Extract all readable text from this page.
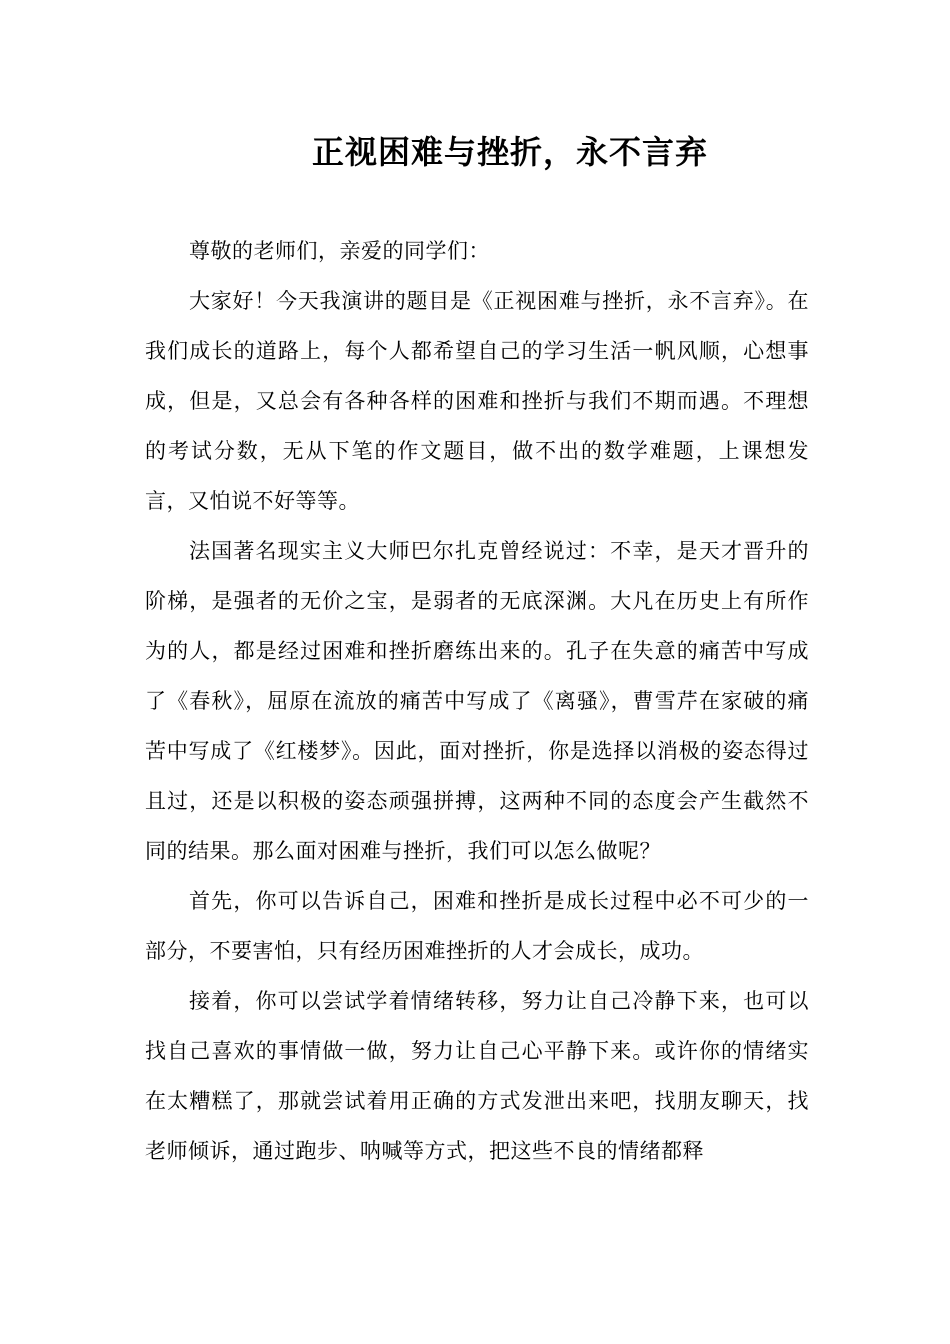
正视困难与挫折，永不言弃

尊敬的老师们，亲爱的同学们：

大家好！今天我演讲的题目是《正视困难与挫折，永不言弃》。在我们成长的道路上，每个人都希望自己的学习生活一帆风顺，心想事成，但是，又总会有各种各样的困难和挫折与我们不期而遇。不理想的考试分数，无从下笔的作文题目，做不出的数学难题，上课想发言，又怕说不好等等。

法国著名现实主义大师巴尔扎克曾经说过：不幸，是天才晋升的阶梯，是强者的无价之宝，是弱者的无底深渊。大凡在历史上有所作为的人，都是经过困难和挫折磨练出来的。孔子在失意的痛苦中写成了《春秋》，屈原在流放的痛苦中写成了《离骚》，曹雪芹在家破的痛苦中写成了《红楼梦》。因此，面对挫折，你是选择以消极的姿态得过且过，还是以积极的姿态顽强拼搏，这两种不同的态度会产生截然不同的结果。那么面对困难与挫折，我们可以怎么做呢？

首先，你可以告诉自己，困难和挫折是成长过程中必不可少的一部分，不要害怕，只有经历困难挫折的人才会成长，成功。

接着，你可以尝试学着情绪转移，努力让自己冷静下来，也可以找自己喜欢的事情做一做，努力让自己心平静下来。或许你的情绪实在太糟糕了，那就尝试着用正确的方式发泄出来吧，找朋友聊天，找老师倾诉，通过跑步、呐喊等方式，把这些不良的情绪都释
